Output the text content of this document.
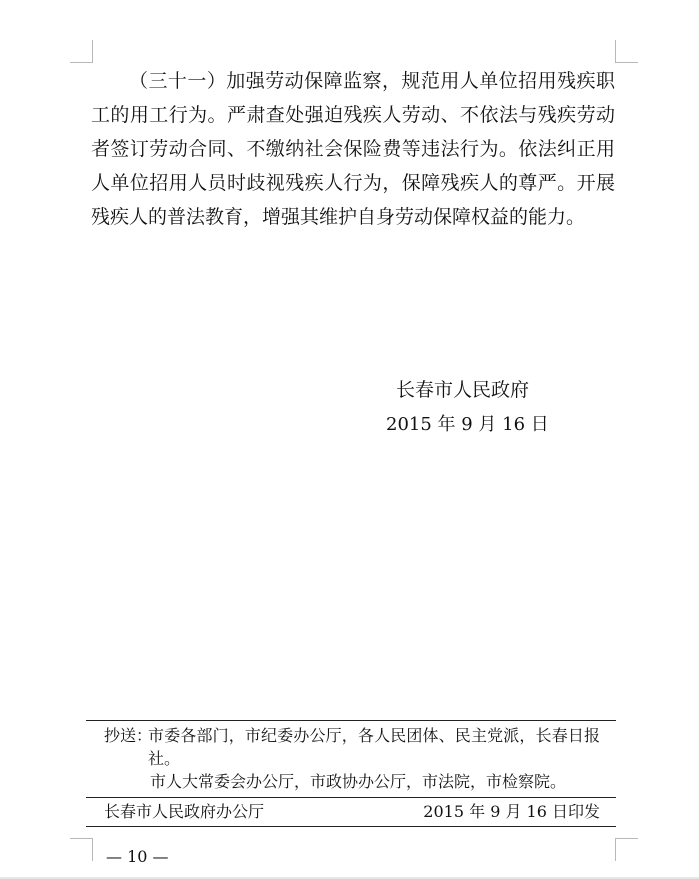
（三十一）加强劳动保障监察，规范用人单位招用残疾职工的用工行为。严肃查处强迫残疾人劳动、不依法与残疾劳动者签订劳动合同、不缴纳社会保险费等违法行为。依法纠正用人单位招用人员时歧视残疾人行为，保障残疾人的尊严。开展残疾人的普法教育，增强其维护自身劳动保障权益的能力。

长春市人民政府
2015 年 9 月 16 日
抄送：

市委各部门，市纪委办公厅，各人民团体、民主党派，长春日报社。

市人大常委会办公厅，市政协办公厅，市法院，市检察院。
长春市人民政府办公厅	2015 年 9 月 16 日印发
— 10 —
